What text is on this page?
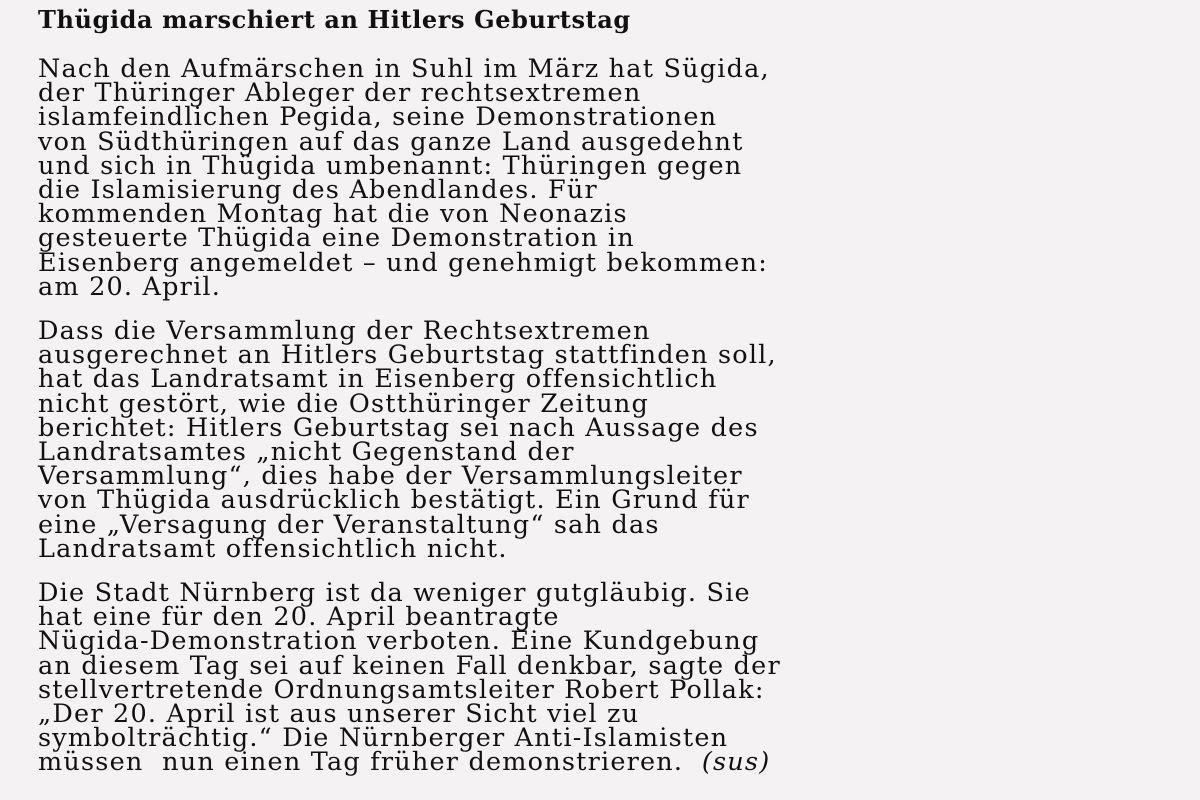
Thügida marschiert an Hitlers Geburtstag

Nach den Aufmärschen in Suhl im März hat Sügida,
der Thüringer Ableger der rechtsextremen
islamfeindlichen Pegida, seine Demonstrationen
von Südthüringen auf das ganze Land ausgedehnt
und sich in Thügida umbenannt: Thüringen gegen
die Islamisierung des Abendlandes. Für
kommenden Montag hat die von Neonazis
gesteuerte Thügida eine Demonstration in
Eisenberg angemeldet – und genehmigt bekommen:
am 20. April.

Dass die Versammlung der Rechtsextremen
ausgerechnet an Hitlers Geburtstag stattfinden soll,
hat das Landratsamt in Eisenberg offensichtlich
nicht gestört, wie die Ostthüringer Zeitung
berichtet: Hitlers Geburtstag sei nach Aussage des
Landratsamtes „nicht Gegenstand der
Versammlung“, dies habe der Versammlungsleiter
von Thügida ausdrücklich bestätigt. Ein Grund für
eine „Versagung der Veranstaltung“ sah das
Landratsamt offensichtlich nicht.

Die Stadt Nürnberg ist da weniger gutgläubig. Sie
hat eine für den 20. April beantragte
Nügida-Demonstration verboten. Eine Kundgebung
an diesem Tag sei auf keinen Fall denkbar, sagte der
stellvertretende Ordnungsamtsleiter Robert Pollak:
„Der 20. April ist aus unserer Sicht viel zu
symbolträchtig.“ Die Nürnberger Anti-Islamisten
müssen  nun einen Tag früher demonstrieren. (sus)
